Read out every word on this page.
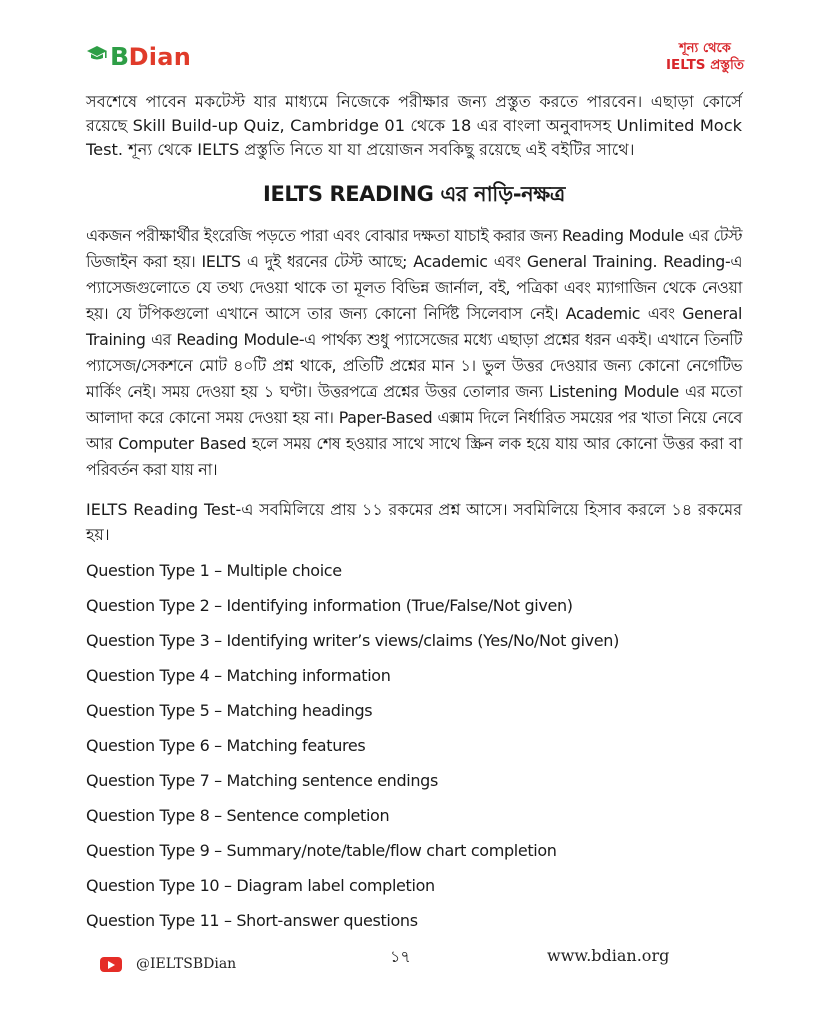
B Dian	শূন্য থেকে
IELTS প্রস্তুতি

সবশেষে পাবেন মকটেস্ট যার মাধ্যমে নিজেকে পরীক্ষার জন্য প্রস্তুত করতে পারবেন। এছাড়া কোর্সে রয়েছে Skill Build-up Quiz, Cambridge 01 থেকে 18 এর বাংলা অনুবাদসহ Unlimited Mock Test. শূন্য থেকে IELTS প্রস্তুতি নিতে যা যা প্রয়োজন সবকিছু রয়েছে এই বইটির সাথে।

IELTS READING এর নাড়ি-নক্ষত্র

একজন পরীক্ষার্থীর ইংরেজি পড়তে পারা এবং বোঝার দক্ষতা যাচাই করার জন্য Reading Module এর টেস্ট ডিজাইন করা হয়। IELTS এ দুই ধরনের টেস্ট আছে; Academic এবং General Training. Reading-এ প্যাসেজগুলোতে যে তথ্য দেওয়া থাকে তা মূলত বিভিন্ন জার্নাল, বই, পত্রিকা এবং ম্যাগাজিন থেকে নেওয়া হয়। যে টপিকগুলো এখানে আসে তার জন্য কোনো নির্দিষ্ট সিলেবাস নেই। Academic এবং General Training এর Reading Module-এ পার্থক্য শুধু প্যাসেজের মধ্যে এছাড়া প্রশ্নের ধরন একই। এখানে তিনটি প্যাসেজ/সেকশনে মোট ৪০টি প্রশ্ন থাকে, প্রতিটি প্রশ্নের মান ১। ভুল উত্তর দেওয়ার জন্য কোনো নেগেটিভ মার্কিং নেই। সময় দেওয়া হয় ১ ঘণ্টা। উত্তরপত্রে প্রশ্নের উত্তর তোলার জন্য Listening Module এর মতো আলাদা করে কোনো সময় দেওয়া হয় না। Paper-Based এক্সাম দিলে নির্ধারিত সময়ের পর খাতা নিয়ে নেবে আর Computer Based হলে সময় শেষ হওয়ার সাথে সাথে স্ক্রিন লক হয়ে যায় আর কোনো উত্তর করা বা পরিবর্তন করা যায় না।

IELTS Reading Test-এ সবমিলিয়ে প্রায় ১১ রকমের প্রশ্ন আসে। সবমিলিয়ে হিসাব করলে ১৪ রকমের হয়।

Question Type 1 – Multiple choice
Question Type 2 – Identifying information (True/False/Not given)
Question Type 3 – Identifying writer’s views/claims (Yes/No/Not given)
Question Type 4 – Matching information
Question Type 5 – Matching headings
Question Type 6 – Matching features
Question Type 7 – Matching sentence endings
Question Type 8 – Sentence completion
Question Type 9 – Summary/note/table/flow chart completion
Question Type 10 – Diagram label completion
Question Type 11 – Short-answer questions
@IELTSBDian	১৭	www.bdian.org
